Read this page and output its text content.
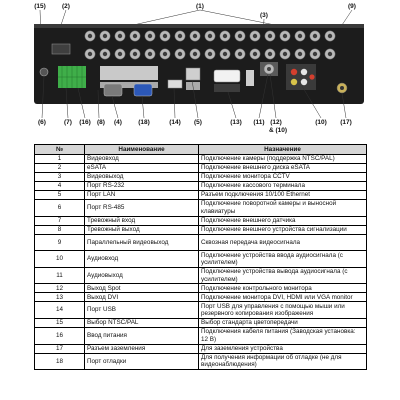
(15) (2)	(1)
(3)
(9)
(6)	(7) (16) (8) (4) (18)	(14) (5)	(13) (11) (12)
& (10)
(10) (17)
№	Наименование	Назначение
1	Видеовход	Подключение камеры (поддержка NTSC/PAL)
2	eSATA	Подключение внешнего диска eSATA
3	Видеовыход	Подключение монитора CCTV
4	Порт RS-232	Подключение кассового терминала
5	Порт LAN	Разъем подключения 10/100 Ethernet
6	Порт RS-485	Подключение поворотной камеры и выносной клавиатуры
7	Тревожный вход	Подключение внешнего датчика
8	Тревожный выход	Подключение внешнего устройства сигнализации
9	Параллельный видеовыход	Сквозная передача видеосигнала
10	Аудиовход	Подключение устройства ввода аудиосигнала (с усилителем)
11	Аудиовыход	Подключение устройства вывода аудиосигнала (с усилителем)
12	Выход Spot	Подключение контрольного монитора
13	Выход DVI	Подключение монитора DVI, HDMI или VGA monitor
14	Порт USB	Порт USB для управления с помощью мыши или резервного копирования изображения
15	Выбор NTSC/PAL	Выбор стандарта цветопередачи
16	Ввод питания	Подключения кабеля питания (Заводская установка: 12 В)
17	Разъем заземления	Для заземления устройства
18	Порт отладки	Для получения информации об отладке (не для видеонаблюдения)
